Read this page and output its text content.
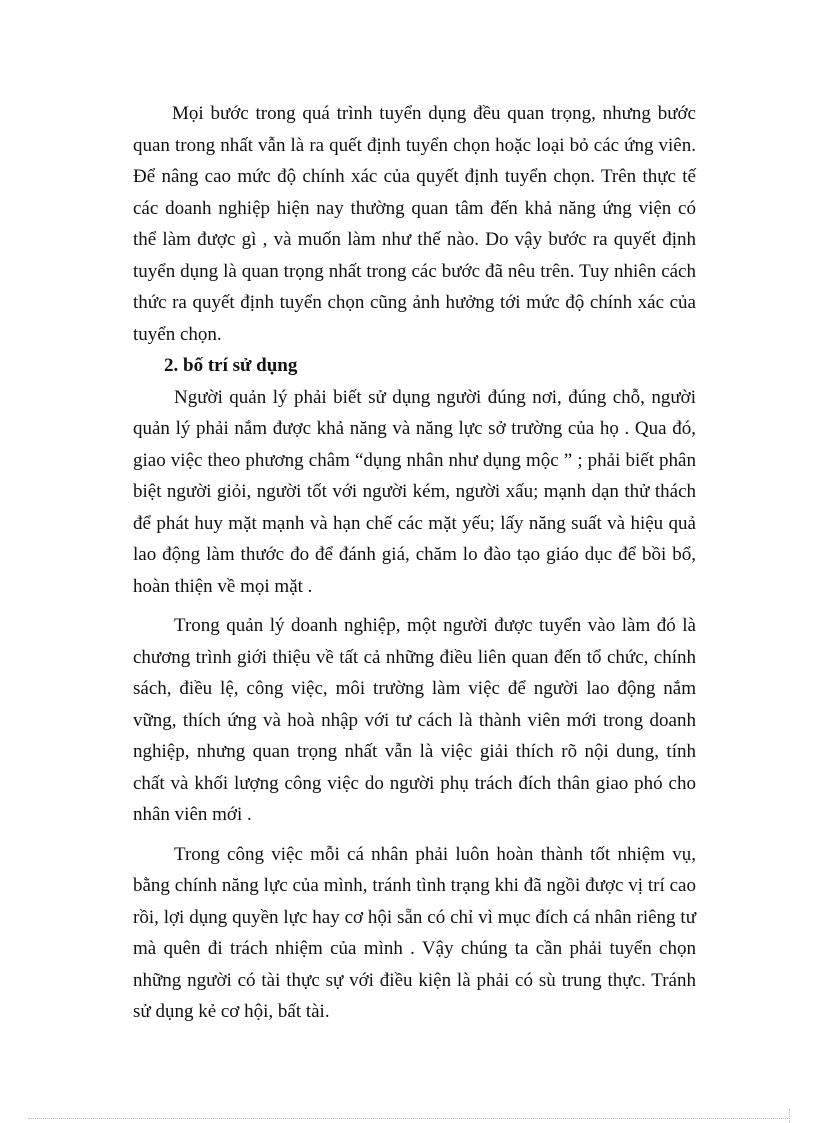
Mọi bước trong quá trình tuyển dụng đều quan trọng, nhưng bước quan trong nhất vẫn là ra quết định tuyển chọn hoặc loại bỏ các ứng viên. Để nâng cao mức độ chính xác của quyết định tuyển chọn. Trên thực tế các doanh nghiệp hiện nay thường quan tâm đến khả năng ứng viện có thể làm được gì , và muốn làm như thế nào. Do vậy bước ra quyết định tuyển dụng là quan trọng nhất trong các bước đã nêu trên. Tuy nhiên cách thức ra quyết định tuyển chọn cũng ảnh hưởng tới mức độ chính xác của tuyển chọn.

2. bố trí sử dụng

Người quản lý phải biết sử dụng người đúng nơi, đúng chỗ, người quản lý phải nắm được khả năng và năng lực sở trường của họ . Qua đó, giao việc theo phương châm “dụng nhân như dụng mộc ” ; phải biết phân biệt người giỏi, người tốt với người kém, người xấu; mạnh dạn thử thách để phát huy mặt mạnh và hạn chế các mặt yếu; lấy năng suất và hiệu quả lao động làm thước đo để đánh giá, chăm lo đào tạo giáo dục để bồi bổ, hoàn thiện về mọi mặt .

Trong quản lý doanh nghiệp, một người được tuyển vào làm đó là chương trình giới thiệu về tất cả những điều liên quan đến tổ chức, chính sách, điều lệ, công việc, môi trường làm việc để người lao động nắm vững, thích ứng và hoà nhập với tư cách là thành viên mới trong doanh nghiệp, nhưng quan trọng nhất vẫn là việc giải thích rõ nội dung, tính chất và khối lượng công việc do người phụ trách đích thân giao phó cho nhân viên mới .

Trong công việc mỗi cá nhân phải luôn hoàn thành tốt nhiệm vụ, bằng chính năng lực của mình, tránh tình trạng khi đã ngồi được vị trí cao rồi, lợi dụng quyền lực hay cơ hội sẵn có chỉ vì mục đích cá nhân riêng tư mà quên đi trách nhiệm của mình . Vậy chúng ta cần phải tuyển chọn những người có tài thực sự với điều kiện là phải có sù trung thực. Tránh sử dụng kẻ cơ hội, bất tài.
